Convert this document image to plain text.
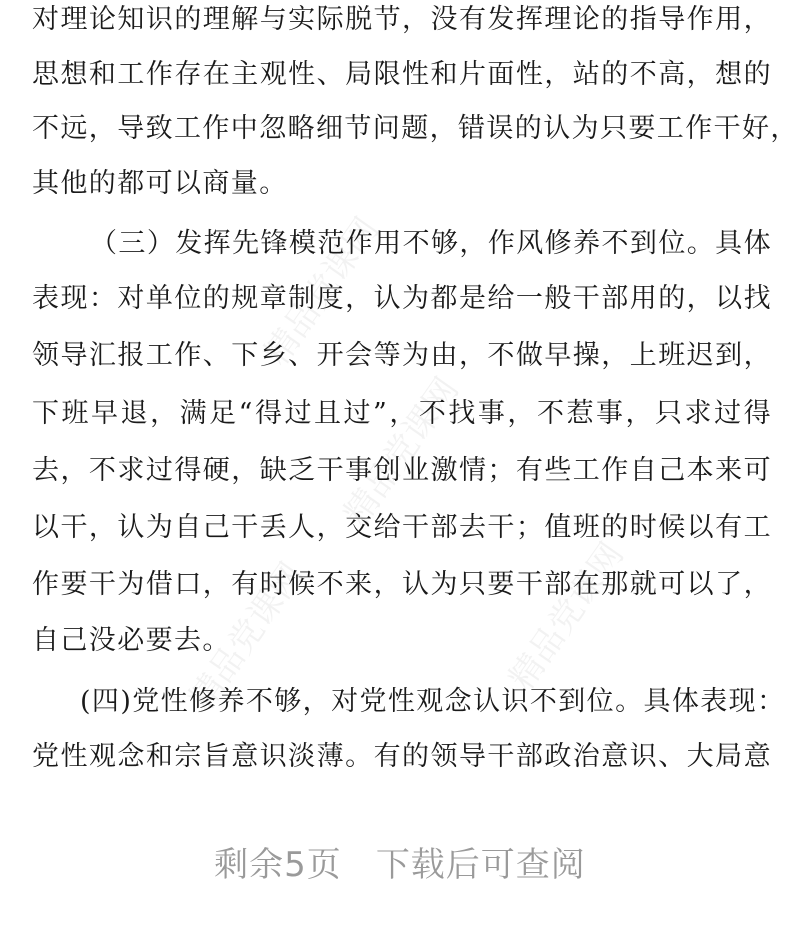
精品党课网
精品党课网
精品党课网	精品党课网
对理论知识的理解与实际脱节，没有发挥理论的指导作用，
思想和工作存在主观性、局限性和片面性，站的不高，想的
不远，导致工作中忽略细节问题，错误的认为只要工作干好，
其他的都可以商量。
（三）发挥先锋模范作用不够，作风修养不到位。具体
表现：对单位的规章制度，认为都是给一般干部用的，以找
领导汇报工作、下乡、开会等为由，不做早操，上班迟到，
下班早退，满足“得过且过”，不找事，不惹事，只求过得
去，不求过得硬，缺乏干事创业激情；有些工作自己本来可
以干，认为自己干丢人，交给干部去干；值班的时候以有工
作要干为借口，有时候不来，认为只要干部在那就可以了，
自己没必要去。
(四)党性修养不够，对党性观念认识不到位。具体表现：
党性观念和宗旨意识淡薄。有的领导干部政治意识、大局意
剩余5页 下载后可查阅
